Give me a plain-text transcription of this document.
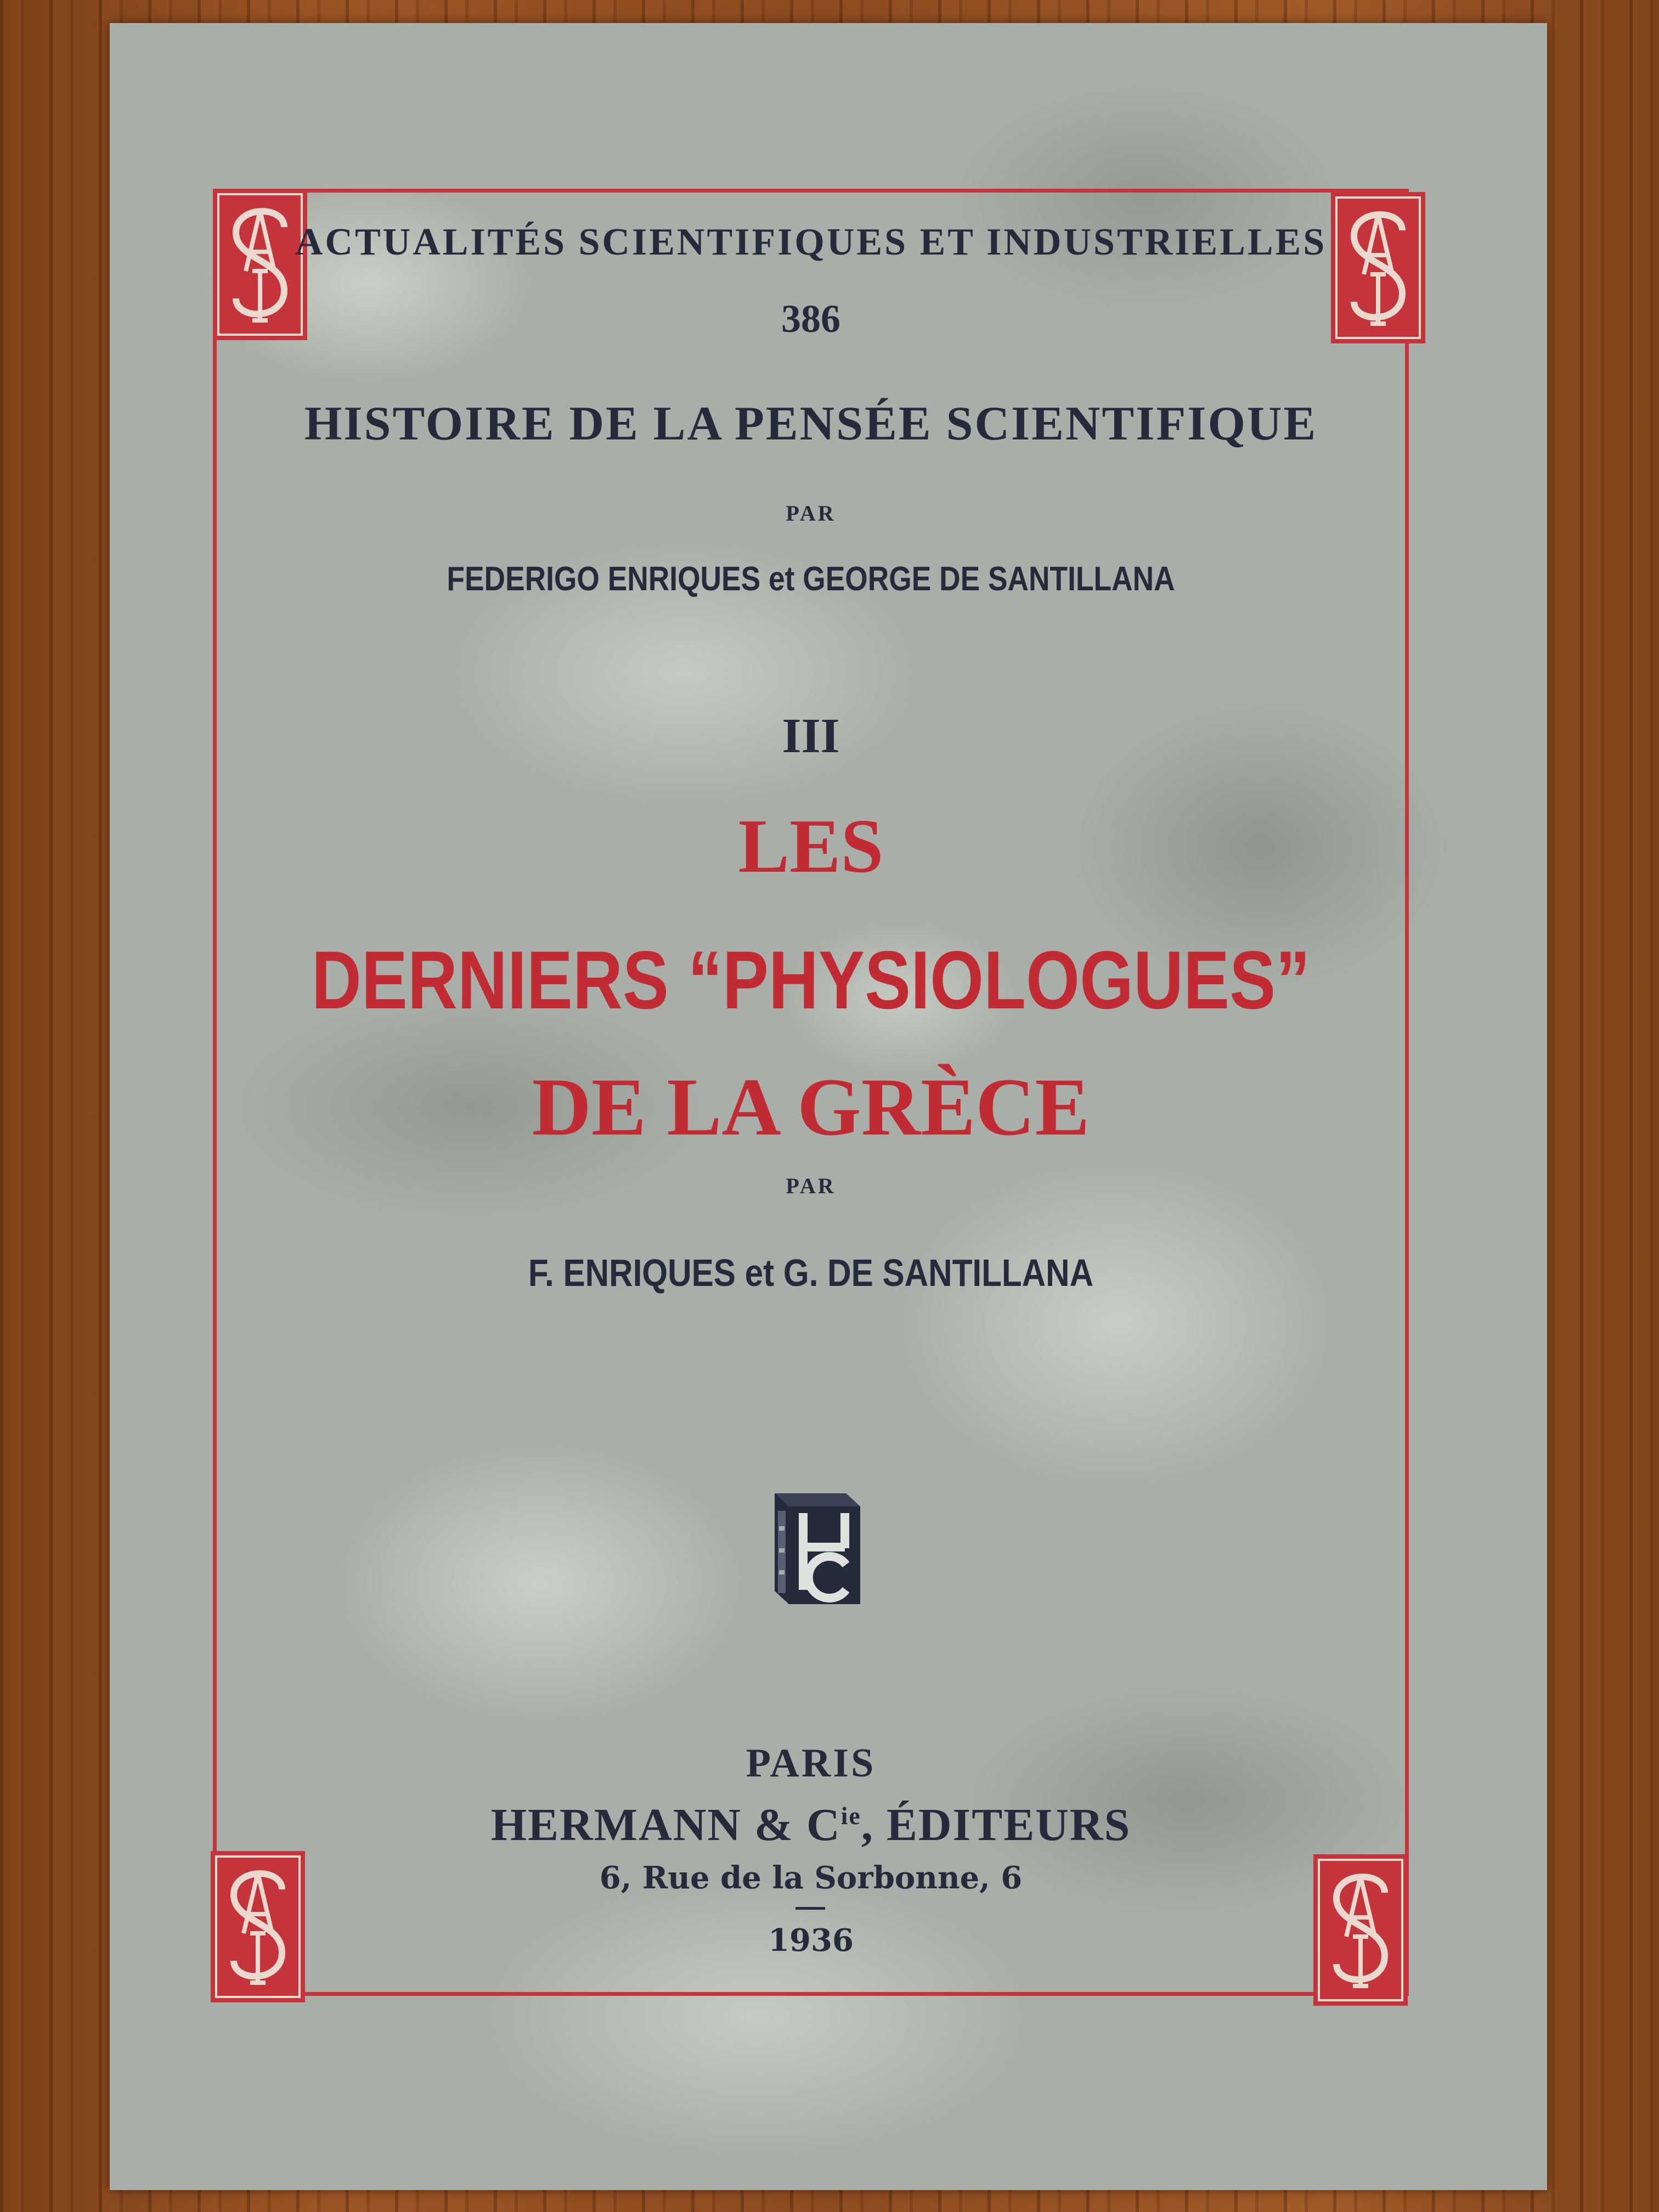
ACTUALITÉS SCIENTIFIQUES ET INDUSTRIELLES
386
HISTOIRE DE LA PENSÉE SCIENTIFIQUE
PAR
FEDERIGO ENRIQUES et GEORGE DE SANTILLANA
III
LES
DERNIERS “PHYSIOLOGUES”
DE LA GRÈCE
PAR
F. ENRIQUES et G. DE SANTILLANA
PARIS
HERMANN & $C^{ie}$, ÉDITEURS
6, Rue de la Sorbonne, 6
1936
